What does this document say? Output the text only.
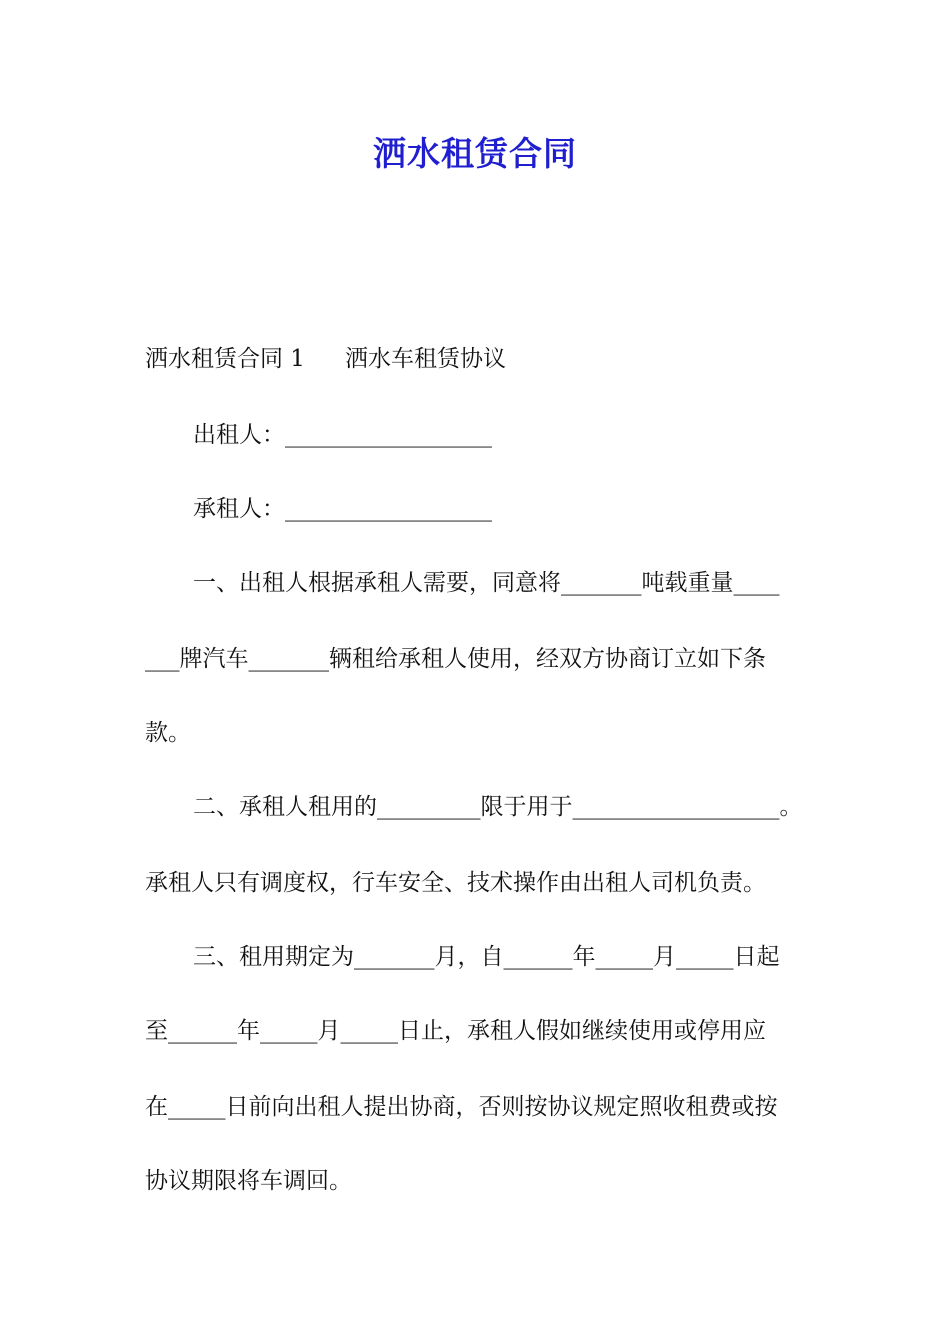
洒水租赁合同
洒水租赁合同 1 洒水车租赁协议
出租人：__________________
承租人：__________________
一、出租人根据承租人需要，同意将_______吨载重量____
___牌汽车_______辆租给承租人使用，经双方协商订立如下条
款。
二、承租人租用的_________限于用于__________________。
承租人只有调度权，行车安全、技术操作由出租人司机负责。
三、租用期定为_______月，自______年_____月_____日起
至______年_____月_____日止，承租人假如继续使用或停用应
在_____日前向出租人提出协商，否则按协议规定照收租费或按
协议期限将车调回。
